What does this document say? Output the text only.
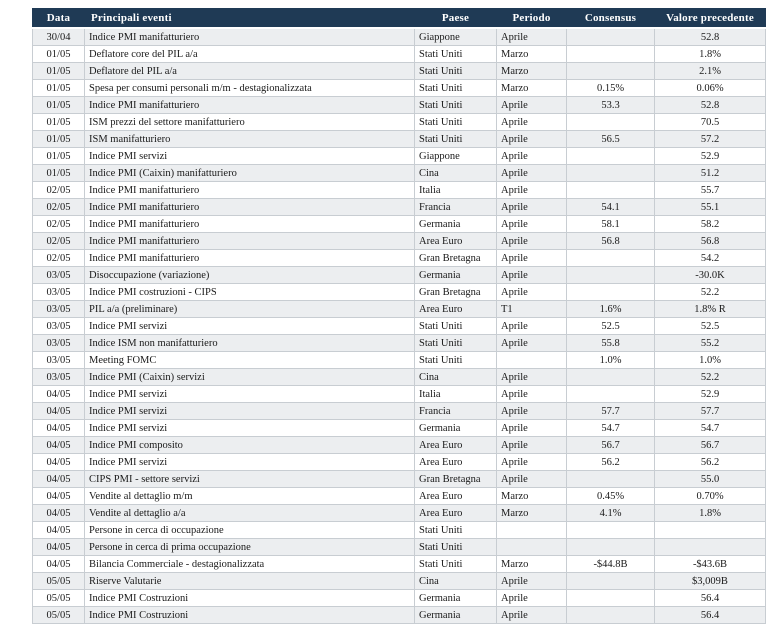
Data	Principali eventi	Paese	Periodo	Consensus	Valore precedente
30/04	Indice PMI manifatturiero	Giappone	Aprile		52.8
01/05	Deflatore core del PIL a/a	Stati Uniti	Marzo		1.8%
01/05	Deflatore del PIL a/a	Stati Uniti	Marzo		2.1%
01/05	Spesa per consumi personali m/m - destagionalizzata	Stati Uniti	Marzo	0.15%	0.06%
01/05	Indice PMI manifatturiero	Stati Uniti	Aprile	53.3	52.8
01/05	ISM prezzi del settore manifatturiero	Stati Uniti	Aprile		70.5
01/05	ISM manifatturiero	Stati Uniti	Aprile	56.5	57.2
01/05	Indice PMI servizi	Giappone	Aprile		52.9
01/05	Indice PMI (Caixin) manifatturiero	Cina	Aprile		51.2
02/05	Indice PMI manifatturiero	Italia	Aprile		55.7
02/05	Indice PMI manifatturiero	Francia	Aprile	54.1	55.1
02/05	Indice PMI manifatturiero	Germania	Aprile	58.1	58.2
02/05	Indice PMI manifatturiero	Area Euro	Aprile	56.8	56.8
02/05	Indice PMI manifatturiero	Gran Bretagna	Aprile		54.2
03/05	Disoccupazione (variazione)	Germania	Aprile		-30.0K
03/05	Indice PMI costruzioni - CIPS	Gran Bretagna	Aprile		52.2
03/05	PIL a/a (preliminare)	Area Euro	T1	1.6%	1.8% R
03/05	Indice PMI servizi	Stati Uniti	Aprile	52.5	52.5
03/05	Indice ISM non manifatturiero	Stati Uniti	Aprile	55.8	55.2
03/05	Meeting FOMC	Stati Uniti		1.0%	1.0%
03/05	Indice PMI (Caixin) servizi	Cina	Aprile		52.2
04/05	Indice PMI servizi	Italia	Aprile		52.9
04/05	Indice PMI servizi	Francia	Aprile	57.7	57.7
04/05	Indice PMI servizi	Germania	Aprile	54.7	54.7
04/05	Indice PMI composito	Area Euro	Aprile	56.7	56.7
04/05	Indice PMI servizi	Area Euro	Aprile	56.2	56.2
04/05	CIPS PMI - settore servizi	Gran Bretagna	Aprile		55.0
04/05	Vendite al dettaglio m/m	Area Euro	Marzo	0.45%	0.70%
04/05	Vendite al dettaglio a/a	Area Euro	Marzo	4.1%	1.8%
04/05	Persone in cerca di occupazione	Stati Uniti			
04/05	Persone in cerca di prima occupazione	Stati Uniti			
04/05	Bilancia Commerciale - destagionalizzata	Stati Uniti	Marzo	-$44.8B	-$43.6B
05/05	Riserve Valutarie	Cina	Aprile		$3,009B
05/05	Indice PMI Costruzioni	Germania	Aprile		56.4
05/05	Indice PMI Costruzioni	Germania	Aprile		56.4
